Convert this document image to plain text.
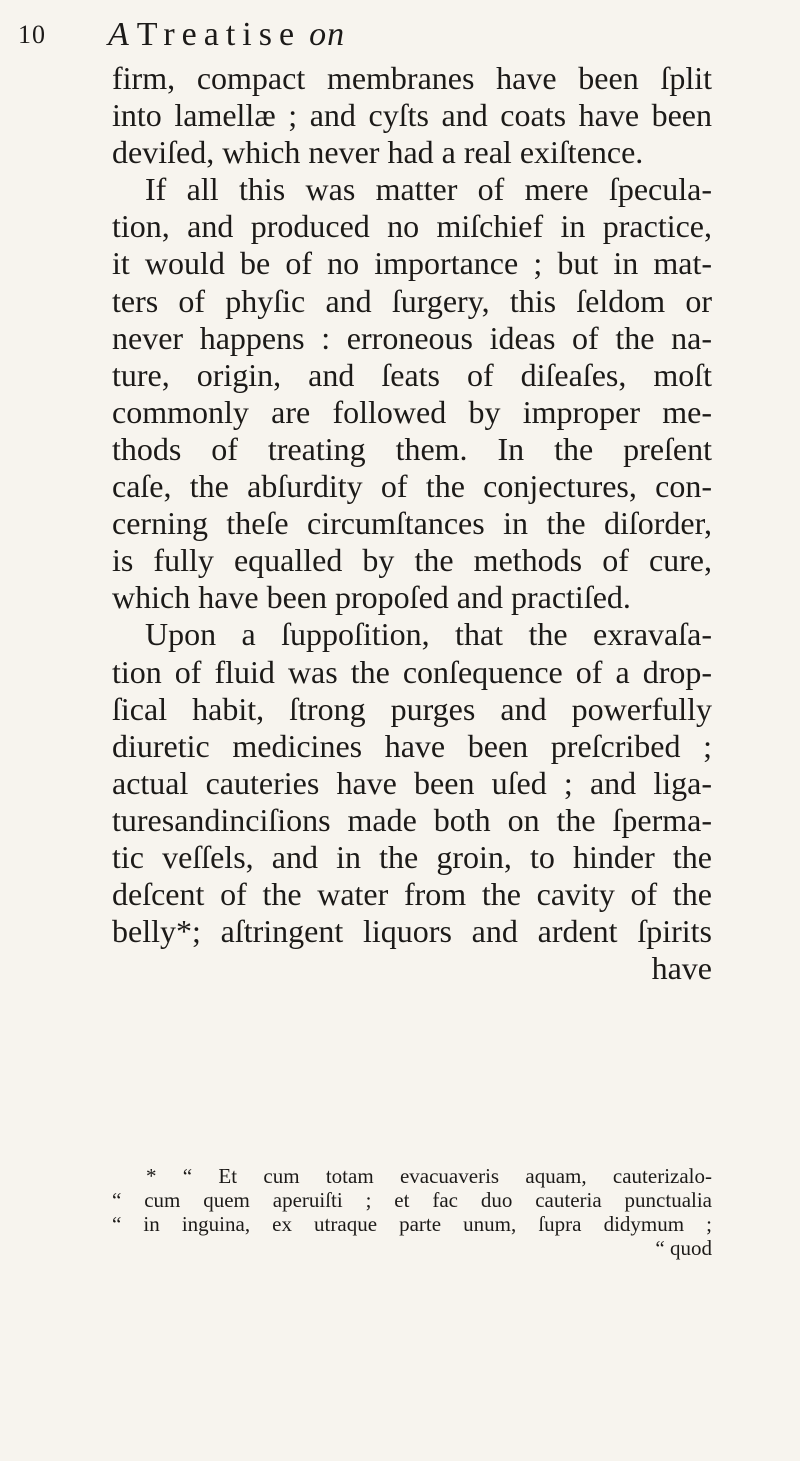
10 A Treatise on
firm, compact membranes have been ſplit
into lamellæ ; and cyſts and coats have been
deviſed, which never had a real exiſtence.
If all this was matter of mere ſpecula-
tion, and produced no miſchief in practice,
it would be of no importance ; but in mat-
ters of phyſic and ſurgery, this ſeldom or
never happens : erroneous ideas of the na-
ture, origin, and ſeats of diſeaſes, moſt
commonly are followed by improper me-
thods of treating them. In the preſent
caſe, the abſurdity of the conjectures, con-
cerning theſe circumſtances in the diſorder,
is fully equalled by the methods of cure,
which have been propoſed and practiſed.
Upon a ſuppoſition, that the exravaſa-
tion of fluid was the conſequence of a drop-
ſical habit, ſtrong purges and powerfully
diuretic medicines have been preſcribed ;
actual cauteries have been uſed ; and liga-
turesandinciſions made both on the ſperma-
tic veſſels, and in the groin, to hinder the
deſcent of the water from the cavity of the
belly*; aſtringent liquors and ardent ſpirits
have
* “ Et cum totam evacuaveris aquam, cauterizalo-
“ cum quem aperuiſti ; et fac duo cauteria punctualia
“ in inguina, ex utraque parte unum, ſupra didymum ;
“ quod
